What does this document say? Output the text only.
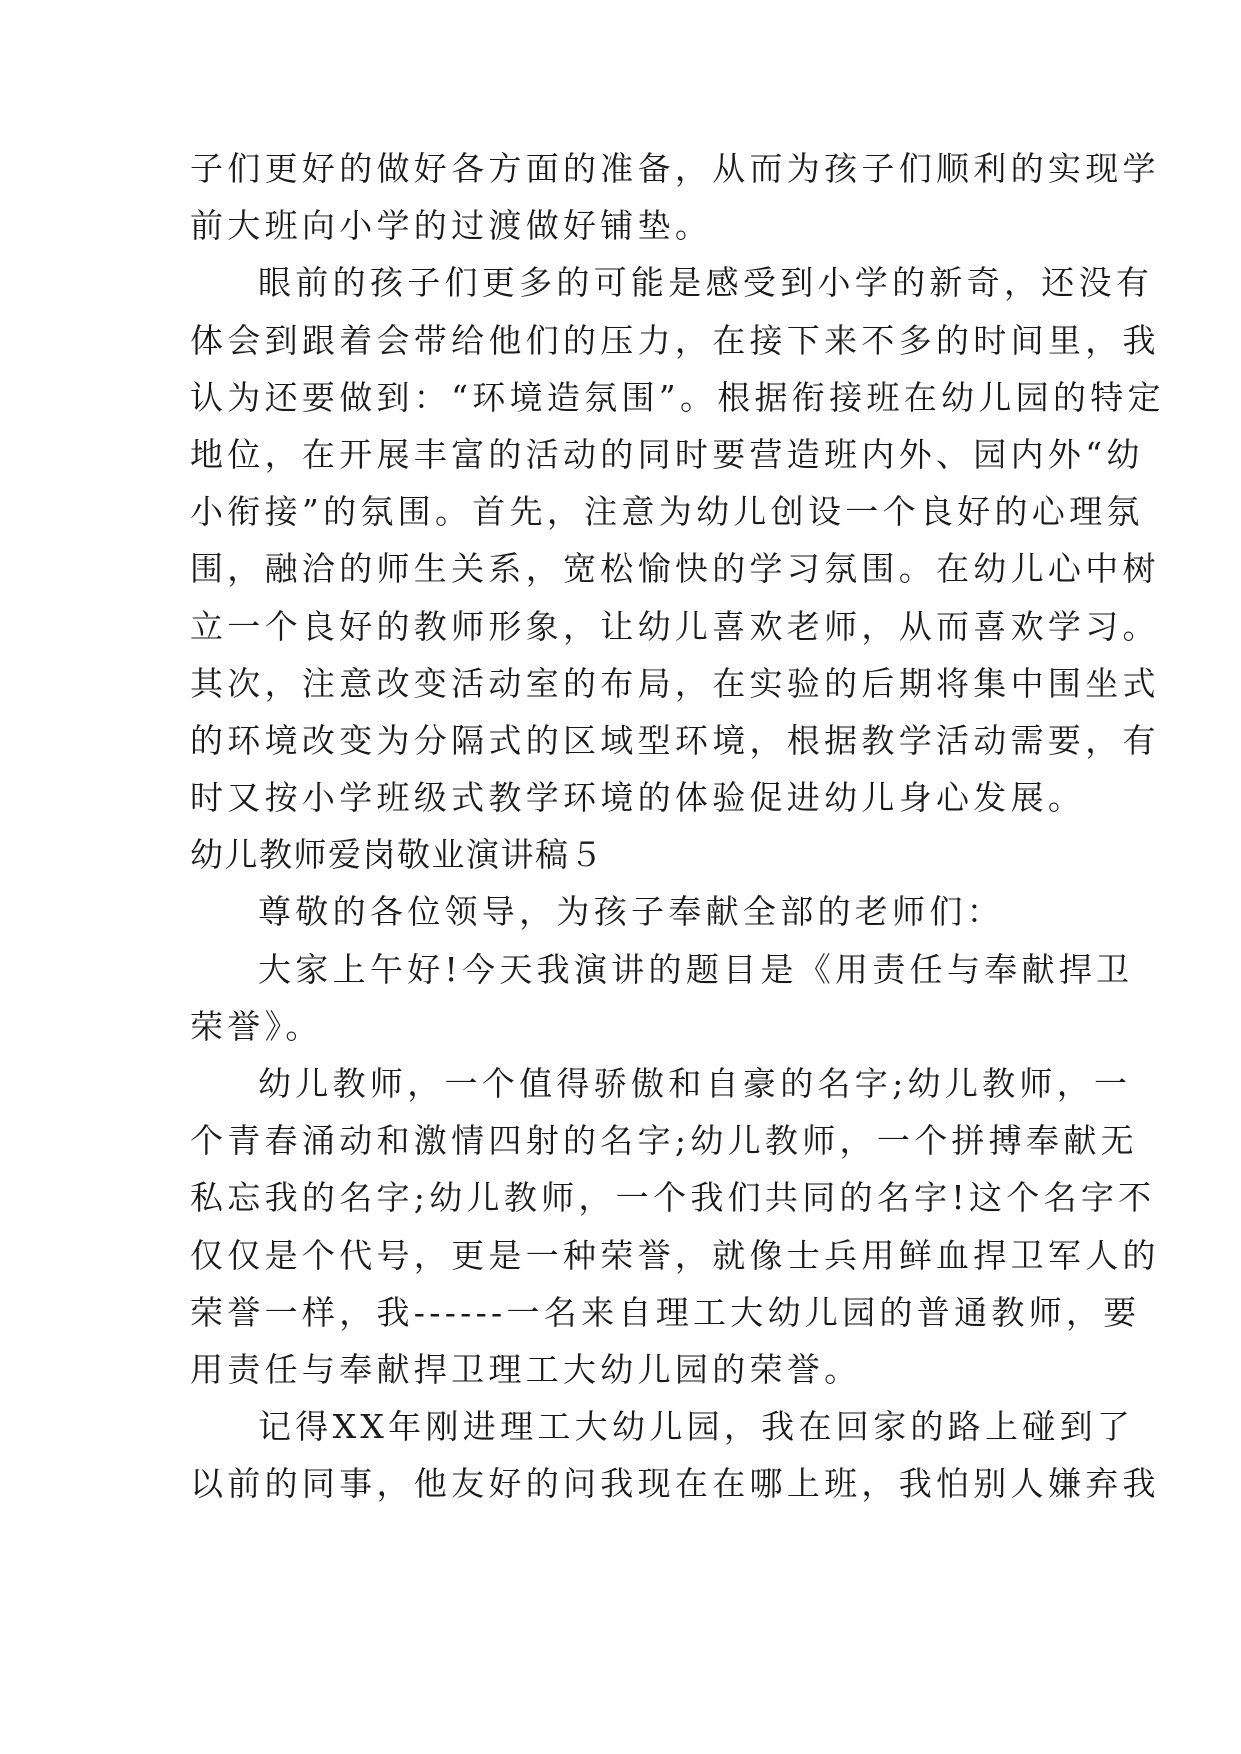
子们更好的做好各方面的准备，从而为孩子们顺利的实现学
前大班向小学的过渡做好铺垫。
眼前的孩子们更多的可能是感受到小学的新奇，还没有
体会到跟着会带给他们的压力，在接下来不多的时间里，我
认为还要做到：“环境造氛围”。根据衔接班在幼儿园的特定
地位，在开展丰富的活动的同时要营造班内外、园内外“幼
小衔接”的氛围。首先，注意为幼儿创设一个良好的心理氛
围，融洽的师生关系，宽松愉快的学习氛围。在幼儿心中树
立一个良好的教师形象，让幼儿喜欢老师，从而喜欢学习。
其次，注意改变活动室的布局，在实验的后期将集中围坐式
的环境改变为分隔式的区域型环境，根据教学活动需要，有
时又按小学班级式教学环境的体验促进幼儿身心发展。
幼儿教师爱岗敬业演讲稿５
尊敬的各位领导，为孩子奉献全部的老师们：
大家上午好!今天我演讲的题目是《用责任与奉献捍卫
荣誉》。
幼儿教师，一个值得骄傲和自豪的名字;幼儿教师，一
个青春涌动和激情四射的名字;幼儿教师，一个拼搏奉献无
私忘我的名字;幼儿教师，一个我们共同的名字!这个名字不
仅仅是个代号，更是一种荣誉，就像士兵用鲜血捍卫军人的
荣誉一样，我------一名来自理工大幼儿园的普通教师，要
用责任与奉献捍卫理工大幼儿园的荣誉。
记得XX年刚进理工大幼儿园，我在回家的路上碰到了
以前的同事，他友好的问我现在在哪上班，我怕别人嫌弃我
